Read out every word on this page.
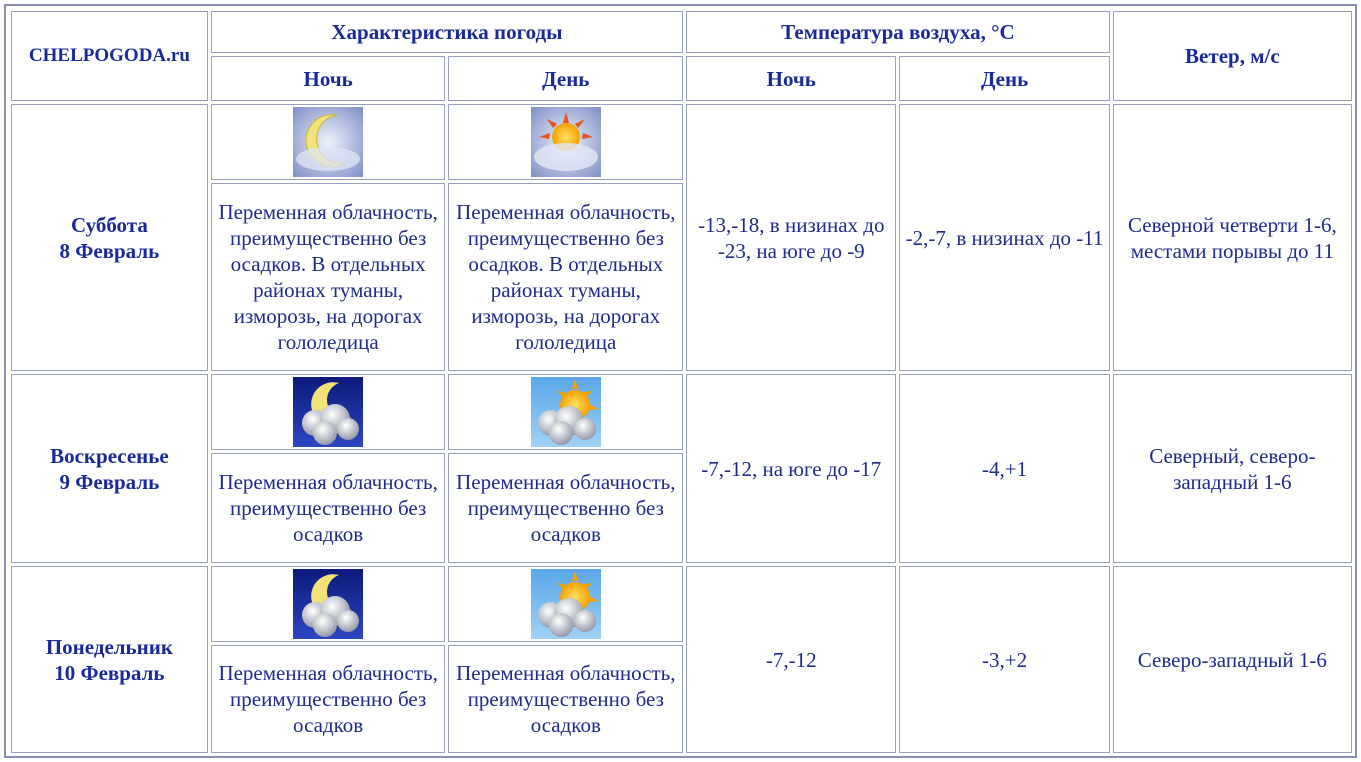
CHELPOGODA.ru	Характеристика погоды		Температура воздуха, °C		Ветер, м/с
	Ночь	День	Ночь	День	
Суббота
8 Февраль			-13,-18, в низинах до -23, на юге до -9	-2,-7, в низинах до -11	Северной четверти 1-6, местами порывы до 11
	Переменная облачность, преимущественно без осадков. В отдельных районах туманы, изморозь, на дорогах гололедица	Переменная облачность, преимущественно без осадков. В отдельных районах туманы, изморозь, на дорогах гололедица			
Воскресенье
9 Февраль			-7,-12, на юге до -17	-4,+1	Северный, северо-западный 1-6
	Переменная облачность, преимущественно без осадков	Переменная облачность, преимущественно без осадков			
Понедельник
10 Февраль			-7,-12	-3,+2	Северо-западный 1-6
	Переменная облачность, преимущественно без осадков	Переменная облачность, преимущественно без осадков			
